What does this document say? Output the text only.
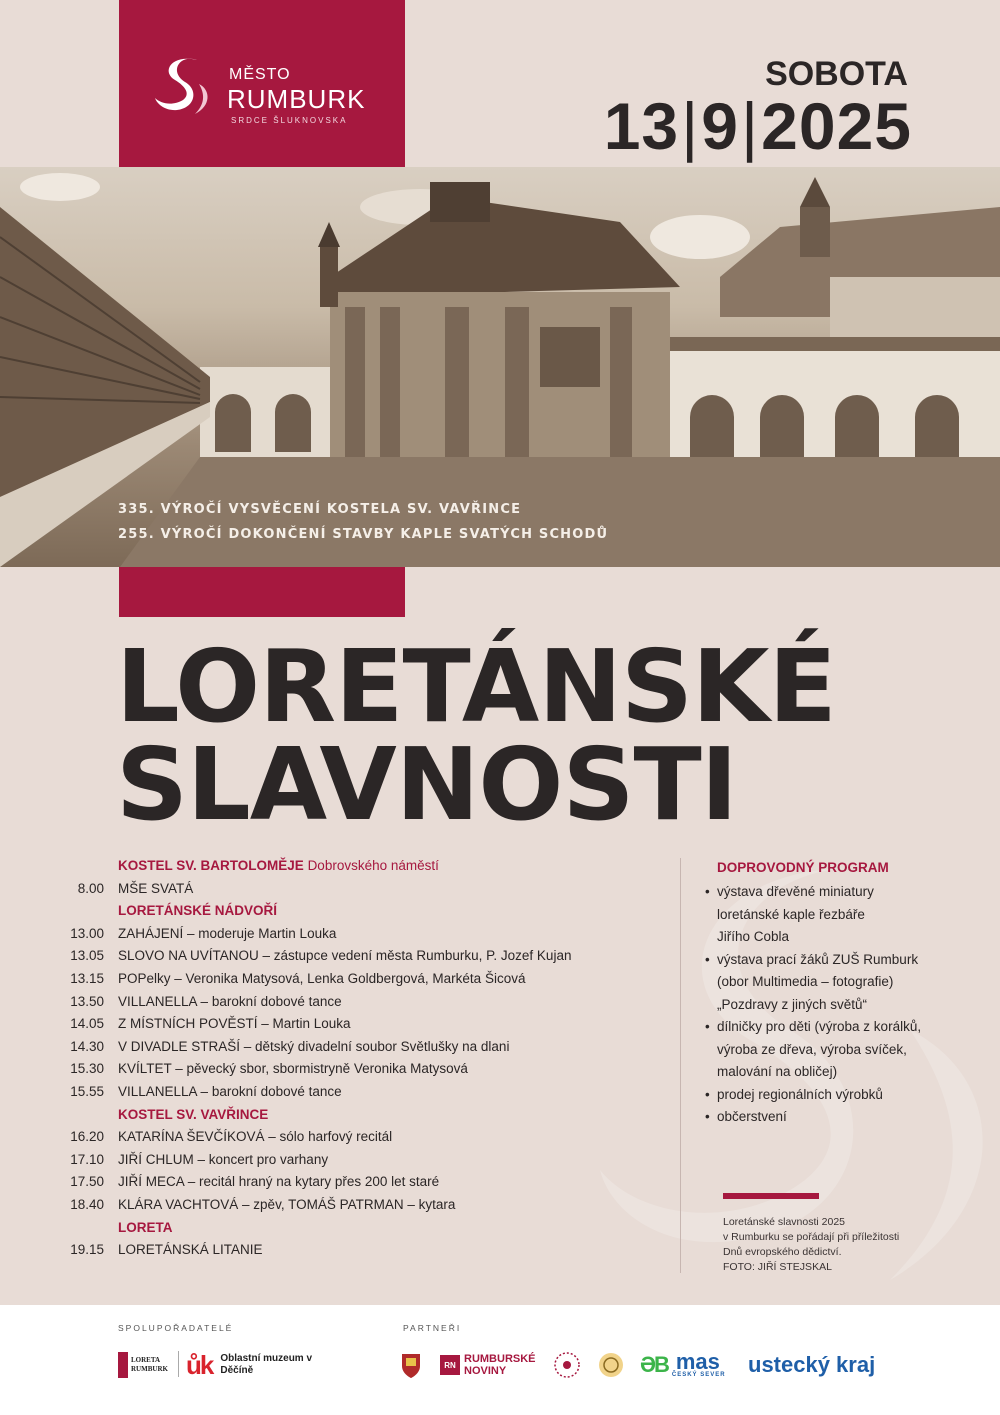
MĚSTO
RUMBURK
SRDCE ŠLUKNOVSKA
SOBOTA
13|9|2025
335. VÝROČÍ VYSVĚCENÍ KOSTELA SV. VAVŘINCE
255. VÝROČÍ DOKONČENÍ STAVBY KAPLE SVATÝCH SCHODŮ
LORETÁNSKÉ
SLAVNOSTI
KOSTEL SV. BARTOLOMĚJE Dobrovského náměstí
8.00 MŠE SVATÁ
LORETÁNSKÉ NÁDVOŘÍ
13.00 ZAHÁJENÍ – moderuje Martin Louka
13.05 SLOVO NA UVÍTANOU – zástupce vedení města Rumburku, P. Jozef Kujan
13.15 POPelky – Veronika Matysová, Lenka Goldbergová, Markéta Šicová
13.50 VILLANELLA – barokní dobové tance
14.05 Z MÍSTNÍCH POVĚSTÍ – Martin Louka
14.30 V DIVADLE STRAŠÍ – dětský divadelní soubor Světlušky na dlani
15.30 KVÍLTET – pěvecký sbor, sbormistryně Veronika Matysová
15.55 VILLANELLA – barokní dobové tance
KOSTEL SV. VAVŘINCE
16.20 KATARÍNA ŠEVČÍKOVÁ – sólo harfový recitál
17.10 JIŘÍ CHLUM – koncert pro varhany
17.50 JIŘÍ MECA – recitál hraný na kytary přes 200 let staré
18.40 KLÁRA VACHTOVÁ – zpěv, TOMÁŠ PATRMAN – kytara
LORETA
19.15 LORETÁNSKÁ LITANIE
DOPROVODNÝ PROGRAM
• výstava dřevěné miniatury
loretánské kaple řezbáře
Jiřího Cobla
• výstava prací žáků ZUŠ Rumburk
(obor Multimedia – fotografie)
„Pozdravy z jiných světů“
• dílničky pro děti (výroba z korálků,
výroba ze dřeva, výroba svíček,
malování na obličej)
• prodej regionálních výrobků
• občerstvení
Loretánské slavnosti 2025
v Rumburku se pořádají při příležitosti
Dnů evropského dědictví.
FOTO: JIŘÍ STEJSKAL
SPOLUPOŘADATELÉ	PARTNEŘI
LORETA RUMBURK ůk Oblastní muzeum v Děčíně	RN RUMBURSKÉ
NOVINY	ƏB mas
ČESKÝ SEVER ustecký kraj
